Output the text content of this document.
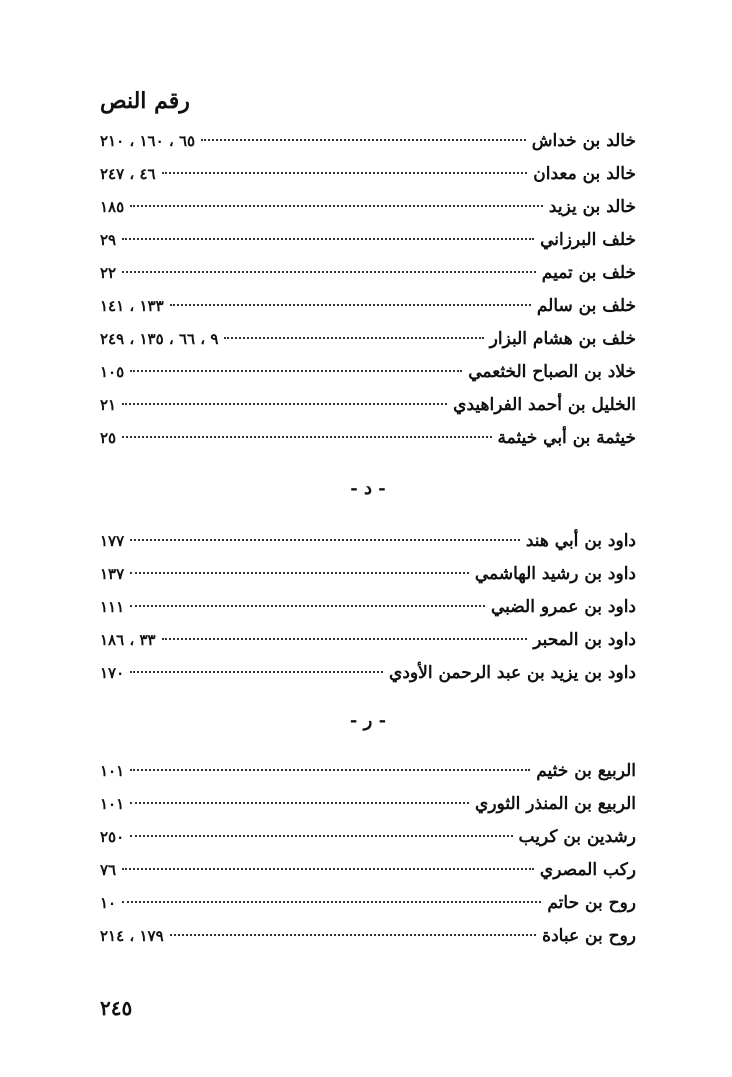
رقم النص
خالد بن خداش
٦٥ ، ١٦٠ ، ٢١٠
خالد بن معدان
٤٦ ، ٢٤٧
خالد بن يزيد
١٨٥
خلف البرزاني
٢٩
خلف بن تميم
٢٢
خلف بن سالم
١٣٣ ، ١٤١
خلف بن هشام البزار
٩ ، ٦٦ ، ١٣٥ ، ٢٤٩
خلاد بن الصباح الخثعمي
١٠٥
الخليل بن أحمد الفراهيدي
٢١
خيثمة بن أبي خيثمة
٢٥
- د -
داود بن أبي هند
١٧٧
داود بن رشيد الهاشمي
١٣٧
داود بن عمرو الضبي
١١١
داود بن المحبر
٣٣ ، ١٨٦
داود بن يزيد بن عبد الرحمن الأودي
١٧٠
- ر -
الربيع بن خثيم
١٠١
الربيع بن المنذر الثوري
١٠١
رشدين بن كريب
٢٥٠
ركب المصري
٧٦
روح بن حاتم
١٠
روح بن عبادة
١٧٩ ، ٢١٤
٢٤٥
